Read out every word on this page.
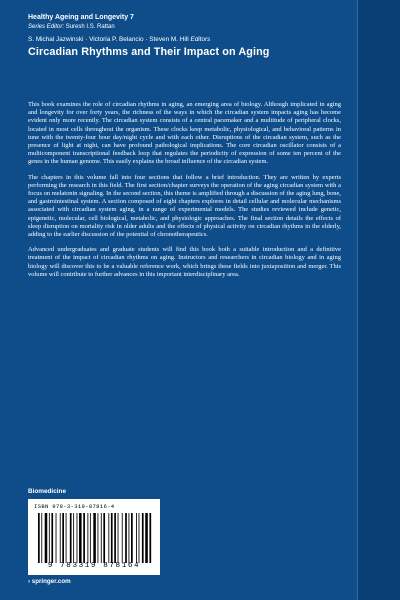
Healthy Ageing and Longevity 7

Series Editor: Suresh I.S. Rattan

S. Michal Jazwinski · Victoria P. Belancio · Steven M. Hill Editors

Circadian Rhythms and Their Impact on Aging

This book examines the role of circadian rhythms in aging, an emerging area of biology. Although implicated in aging and longevity for over forty years, the richness of the ways in which the circadian system impacts aging has become evident only more recently. The circadian system consists of a central pacemaker and a multitude of peripheral clocks, located in most cells throughout the organism. These clocks keep metabolic, physiological, and behavioral patterns in tune with the twenty-four hour day/night cycle and with each other. Disruptions of the circadian system, such as the presence of light at night, can have profound pathological implications. The core circadian oscillator consists of a multicomponent transcriptional feedback loop that regulates the periodicity of expression of some ten percent of the genes in the human genome. This easily explains the broad influence of the circadian system.

The chapters in this volume fall into four sections that follow a brief introduction. They are written by experts performing the research in this field. The first section/chapter surveys the operation of the aging circadian system with a focus on melatonin signaling. In the second section, this theme is amplified through a discussion of the aging lung, bone, and gastrointestinal system. A section composed of eight chapters explores in detail cellular and molecular mechanisms associated with circadian system aging, in a range of experimental models. The studies reviewed include genetic, epigenetic, molecular, cell biological, metabolic, and physiologic approaches. The final section details the effects of sleep disruption on mortality risk in older adults and the effects of physical activity on circadian rhythms in the elderly, adding to the earlier discussion of the potential of chronotherapeutics.

Advanced undergraduates and graduate students will find this book both a suitable introduction and a definitive treatment of the impact of circadian rhythms on aging. Instructors and researchers in circadian biology and in aging biology will discover this to be a valuable reference work, which brings these fields into juxtaposition and merger. This volume will contribute to further advances in this important interdisciplinary area.

Biomedicine
ISBN 978-3-319-87816-4
9 783319 878164
› springer.com
